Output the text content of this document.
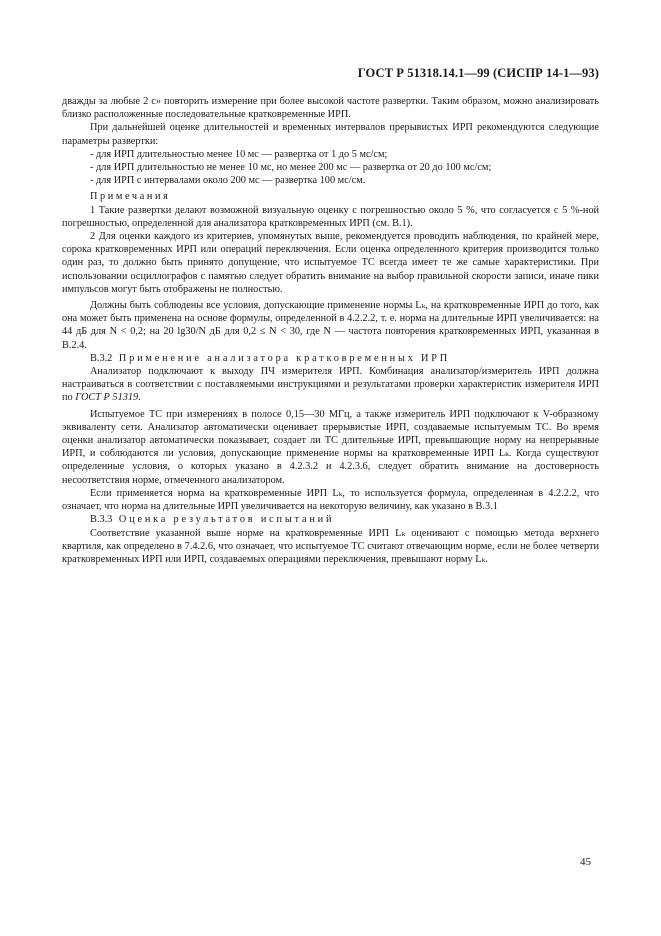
ГОСТ Р 51318.14.1—99 (СИСПР 14-1—93)

дважды за любые 2 с» повторить измерение при более высокой частоте развертки. Таким образом, можно анализировать близко расположенные последовательные кратковременные ИРП.

При дальнейшей оценке длительностей и временных интервалов прерывистых ИРП рекомендуются следующие параметры развертки:

- для ИРП длительностью менее 10 мс — развертка от 1 до 5 мс/см;

- для ИРП длительностью не менее 10 мс, но менее 200 мс — развертка от 20 до 100 мс/см;

- для ИРП с интервалами около 200 мс — развертка 100 мс/см.

Примечания

1 Такие развертки делают возможной визуальную оценку с погрешностью около 5 %, что согласуется с 5 %-ной погрешностью, определенной для анализатора кратковременных ИРП (см. В.1).

2 Для оценки каждого из критериев, упомянутых выше, рекомендуется проводить наблюдения, по крайней мере, сорока кратковременных ИРП или операций переключения. Если оценка определенного критерия производится только один раз, то должно быть принято допущение, что испытуемое ТС всегда имеет те же самые характеристики. При использовании осциллографов с памятью следует обратить внимание на выбор правильной скорости записи, иначе пики импульсов могут быть отображены не полностью.

Должны быть соблюдены все условия, допускающие применение нормы Lₖ, на кратковременные ИРП до того, как она может быть применена на основе формулы, определенной в 4.2.2.2, т. е. норма на длительные ИРП увеличивается: на 44 дБ для N < 0,2; на 20 lg30/N дБ для 0,2 ≤ N < 30, где N — частота повторения кратковременных ИРП, указанная в В.2.4.

В.3.2 Применение анализатора кратковременных ИРП

Анализатор подключают к выходу ПЧ измерителя ИРП. Комбинация анализатор/измеритель ИРП должна настраиваться в соответствии с поставляемыми инструкциями и результатами проверки характеристик измерителя ИРП по ГОСТ Р 51319.

Испытуемое ТС при измерениях в полосе 0,15—30 МГц, а также измеритель ИРП подключают к V-образному эквиваленту сети. Анализатор автоматически оценивает прерывистые ИРП, создаваемые испытуемым ТС. Во время оценки анализатор автоматически показывает, создает ли ТС длительные ИРП, превышающие норму на непрерывные ИРП, и соблюдаются ли условия, допускающие применение нормы на кратковременные ИРП Lₖ. Когда существуют определенные условия, о которых указано в 4.2.3.2 и 4.2.3.6, следует обратить внимание на достоверность несоответствия норме, отмеченного анализатором.

Если применяется норма на кратковременные ИРП Lₖ, то используется формула, определенная в 4.2.2.2, что означает, что норма на длительные ИРП увеличивается на некоторую величину, как указано в В.3.1

В.3.3 Оценка результатов испытаний

Соответствие указанной выше норме на кратковременные ИРП Lₖ оценивают с помощью метода верхнего квартиля, как определено в 7.4.2.6, что означает, что испытуемое ТС считают отвечающим норме, если не более четверти кратковременных ИРП или ИРП, создаваемых операциями переключения, превышают норму Lₖ.

45
